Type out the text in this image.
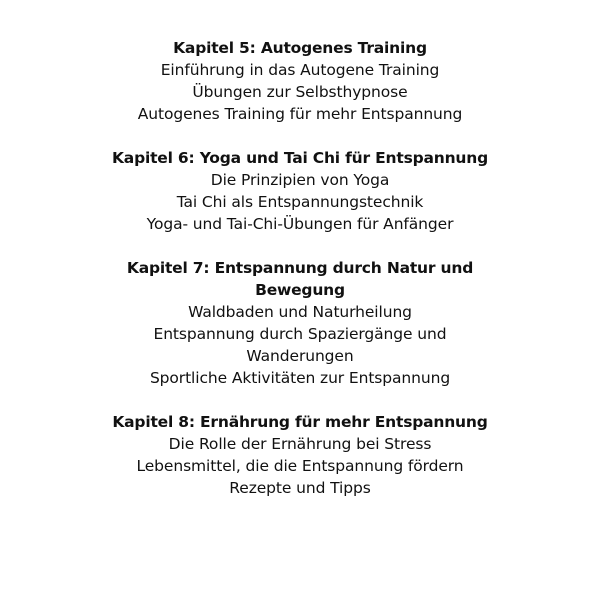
Kapitel 5: Autogenes Training
Einführung in das Autogene Training
Übungen zur Selbsthypnose
Autogenes Training für mehr Entspannung
Kapitel 6: Yoga und Tai Chi für Entspannung
Die Prinzipien von Yoga
Tai Chi als Entspannungstechnik
Yoga- und Tai-Chi-Übungen für Anfänger
Kapitel 7: Entspannung durch Natur und Bewegung
Waldbaden und Naturheilung
Entspannung durch Spaziergänge und Wanderungen
Sportliche Aktivitäten zur Entspannung
Kapitel 8: Ernährung für mehr Entspannung
Die Rolle der Ernährung bei Stress
Lebensmittel, die die Entspannung fördern
Rezepte und Tipps
